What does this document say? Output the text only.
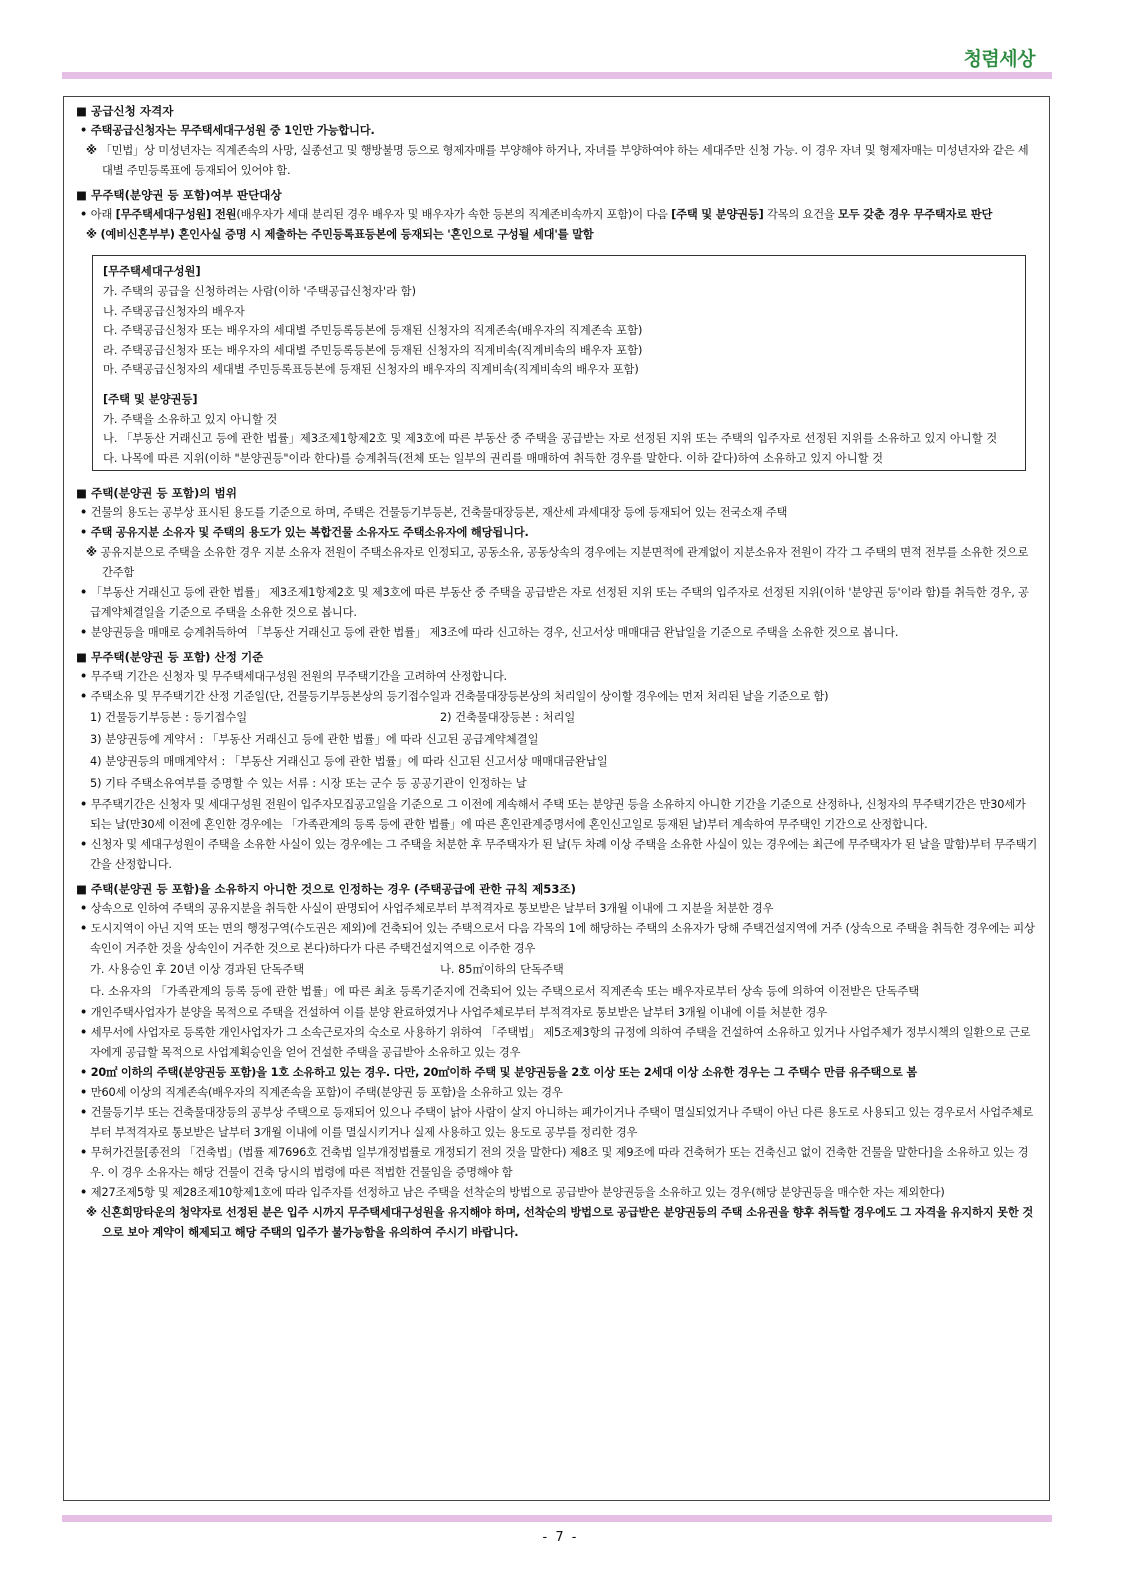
청렴세상
■ 공급신청 자격자
• 주택공급신청자는 무주택세대구성원 중 1인만 가능합니다.
※ 「민법」상 미성년자는 직계존속의 사망, 실종선고 및 행방불명 등으로 형제자매를 부양해야 하거나, 자녀를 부양하여야 하는 세대주만 신청 가능. 이 경우 자녀 및 형제자매는 미성년자와 같은 세대별 주민등록표에 등재되어 있어야 함.
■ 무주택(분양권 등 포함)여부 판단대상
• 아래 [무주택세대구성원] 전원(배우자가 세대 분리된 경우 배우자 및 배우자가 속한 등본의 직계존비속까지 포함)이 다음 [주택 및 분양권등] 각목의 요건을 모두 갖춘 경우 무주택자로 판단
※ (예비신혼부부) 혼인사실 증명 시 제출하는 주민등록표등본에 등재되는 '혼인으로 구성될 세대'를 말함
[무주택세대구성원]
가. 주택의 공급을 신청하려는 사람(이하 '주택공급신청자'라 함)
나. 주택공급신청자의 배우자
다. 주택공급신청자 또는 배우자의 세대별 주민등록등본에 등재된 신청자의 직계존속(배우자의 직계존속 포함)
라. 주택공급신청자 또는 배우자의 세대별 주민등록등본에 등재된 신청자의 직계비속(직계비속의 배우자 포함)
마. 주택공급신청자의 세대별 주민등록표등본에 등재된 신청자의 배우자의 직계비속(직계비속의 배우자 포함)
[주택 및 분양권등]
가. 주택을 소유하고 있지 아니할 것
나. 「부동산 거래신고 등에 관한 법률」제3조제1항제2호 및 제3호에 따른 부동산 중 주택을 공급받는 자로 선정된 지위 또는 주택의 입주자로 선정된 지위를 소유하고 있지 아니할 것
다. 나목에 따른 지위(이하 "분양권등"이라 한다)를 승계취득(전체 또는 일부의 권리를 매매하여 취득한 경우를 말한다. 이하 같다)하여 소유하고 있지 아니할 것
■ 주택(분양권 등 포함)의 범위
• 건물의 용도는 공부상 표시된 용도를 기준으로 하며, 주택은 건물등기부등본, 건축물대장등본, 재산세 과세대장 등에 등재되어 있는 전국소재 주택
• 주택 공유지분 소유자 및 주택의 용도가 있는 복합건물 소유자도 주택소유자에 해당됩니다.
※ 공유지분으로 주택을 소유한 경우 지분 소유자 전원이 주택소유자로 인정되고, 공동소유, 공동상속의 경우에는 지분면적에 관계없이 지분소유자 전원이 각각 그 주택의 면적 전부를 소유한 것으로 간주함
• 「부동산 거래신고 등에 관한 법률」 제3조제1항제2호 및 제3호에 따른 부동산 중 주택을 공급받은 자로 선정된 지위 또는 주택의 입주자로 선정된 지위(이하 '분양권 등'이라 함)를 취득한 경우, 공급계약체결일을 기준으로 주택을 소유한 것으로 봅니다.
• 분양권등을 매매로 승계취득하여 「부동산 거래신고 등에 관한 법률」 제3조에 따라 신고하는 경우, 신고서상 매매대금 완납일을 기준으로 주택을 소유한 것으로 봅니다.
■ 무주택(분양권 등 포함) 산정 기준
• 무주택 기간은 신청자 및 무주택세대구성원 전원의 무주택기간을 고려하여 산정합니다.
• 주택소유 및 무주택기간 산정 기준일(단, 건물등기부등본상의 등기접수일과 건축물대장등본상의 처리일이 상이할 경우에는 먼저 처리된 날을 기준으로 함)
1) 건물등기부등본 : 등기접수일	2) 건축물대장등본 : 처리일
3) 분양권등에 계약서 : 「부동산 거래신고 등에 관한 법률」에 따라 신고된 공급계약체결일
4) 분양권등의 매매계약서 : 「부동산 거래신고 등에 관한 법률」에 따라 신고된 신고서상 매매대금완납일
5) 기타 주택소유여부를 증명할 수 있는 서류 : 시장 또는 군수 등 공공기관이 인정하는 날
• 무주택기간은 신청자 및 세대구성원 전원이 입주자모집공고일을 기준으로 그 이전에 계속해서 주택 또는 분양권 등을 소유하지 아니한 기간을 기준으로 산정하나, 신청자의 무주택기간은 만30세가 되는 날(만30세 이전에 혼인한 경우에는 「가족관계의 등록 등에 관한 법률」에 따른 혼인관계증명서에 혼인신고일로 등재된 날)부터 계속하여 무주택인 기간으로 산정합니다.
• 신청자 및 세대구성원이 주택을 소유한 사실이 있는 경우에는 그 주택을 처분한 후 무주택자가 된 날(두 차례 이상 주택을 소유한 사실이 있는 경우에는 최근에 무주택자가 된 날을 말함)부터 무주택기간을 산정합니다.
■ 주택(분양권 등 포함)을 소유하지 아니한 것으로 인정하는 경우 (주택공급에 관한 규칙 제53조)
• 상속으로 인하여 주택의 공유지분을 취득한 사실이 판명되어 사업주체로부터 부적격자로 통보받은 날부터 3개월 이내에 그 지분을 처분한 경우
• 도시지역이 아닌 지역 또는 면의 행정구역(수도권은 제외)에 건축되어 있는 주택으로서 다음 각목의 1에 해당하는 주택의 소유자가 당해 주택건설지역에 거주 (상속으로 주택을 취득한 경우에는 피상속인이 거주한 것을 상속인이 거주한 것으로 본다)하다가 다른 주택건설지역으로 이주한 경우
가. 사용승인 후 20년 이상 경과된 단독주택	나. 85㎡이하의 단독주택
다. 소유자의 「가족관계의 등록 등에 관한 법률」에 따른 최초 등록기준지에 건축되어 있는 주택으로서 직계존속 또는 배우자로부터 상속 등에 의하여 이전받은 단독주택
• 개인주택사업자가 분양을 목적으로 주택을 건설하여 이를 분양 완료하였거나 사업주체로부터 부적격자로 통보받은 날부터 3개월 이내에 이를 처분한 경우
• 세무서에 사업자로 등록한 개인사업자가 그 소속근로자의 숙소로 사용하기 위하여 「주택법」 제5조제3항의 규정에 의하여 주택을 건설하여 소유하고 있거나 사업주체가 정부시책의 일환으로 근로자에게 공급할 목적으로 사업계획승인을 얻어 건설한 주택을 공급받아 소유하고 있는 경우
• 20㎡ 이하의 주택(분양권등 포함)을 1호 소유하고 있는 경우. 다만, 20㎡이하 주택 및 분양권등을 2호 이상 또는 2세대 이상 소유한 경우는 그 주택수 만큼 유주택으로 봄
• 만60세 이상의 직계존속(배우자의 직계존속을 포함)이 주택(분양권 등 포함)을 소유하고 있는 경우
• 건물등기부 또는 건축물대장등의 공부상 주택으로 등재되어 있으나 주택이 낡아 사람이 살지 아니하는 폐가이거나 주택이 멸실되었거나 주택이 아닌 다른 용도로 사용되고 있는 경우로서 사업주체로부터 부적격자로 통보받은 날부터 3개월 이내에 이를 멸실시키거나 실제 사용하고 있는 용도로 공부를 정리한 경우
• 무허가건물[종전의 「건축법」(법률 제7696호 건축법 일부개정법률로 개정되기 전의 것을 말한다) 제8조 및 제9조에 따라 건축허가 또는 건축신고 없이 건축한 건물을 말한다]을 소유하고 있는 경우. 이 경우 소유자는 해당 건물이 건축 당시의 법령에 따른 적법한 건물임을 증명해야 함
• 제27조제5항 및 제28조제10항제1호에 따라 입주자를 선정하고 남은 주택을 선착순의 방법으로 공급받아 분양권등을 소유하고 있는 경우(해당 분양권등을 매수한 자는 제외한다)
※ 신혼희망타운의 청약자로 선정된 분은 입주 시까지 무주택세대구성원을 유지해야 하며, 선착순의 방법으로 공급받은 분양권등의 주택 소유권을 향후 취득할 경우에도 그 자격을 유지하지 못한 것으로 보아 계약이 해제되고 해당 주택의 입주가 불가능함을 유의하여 주시기 바랍니다.
- 7 -
